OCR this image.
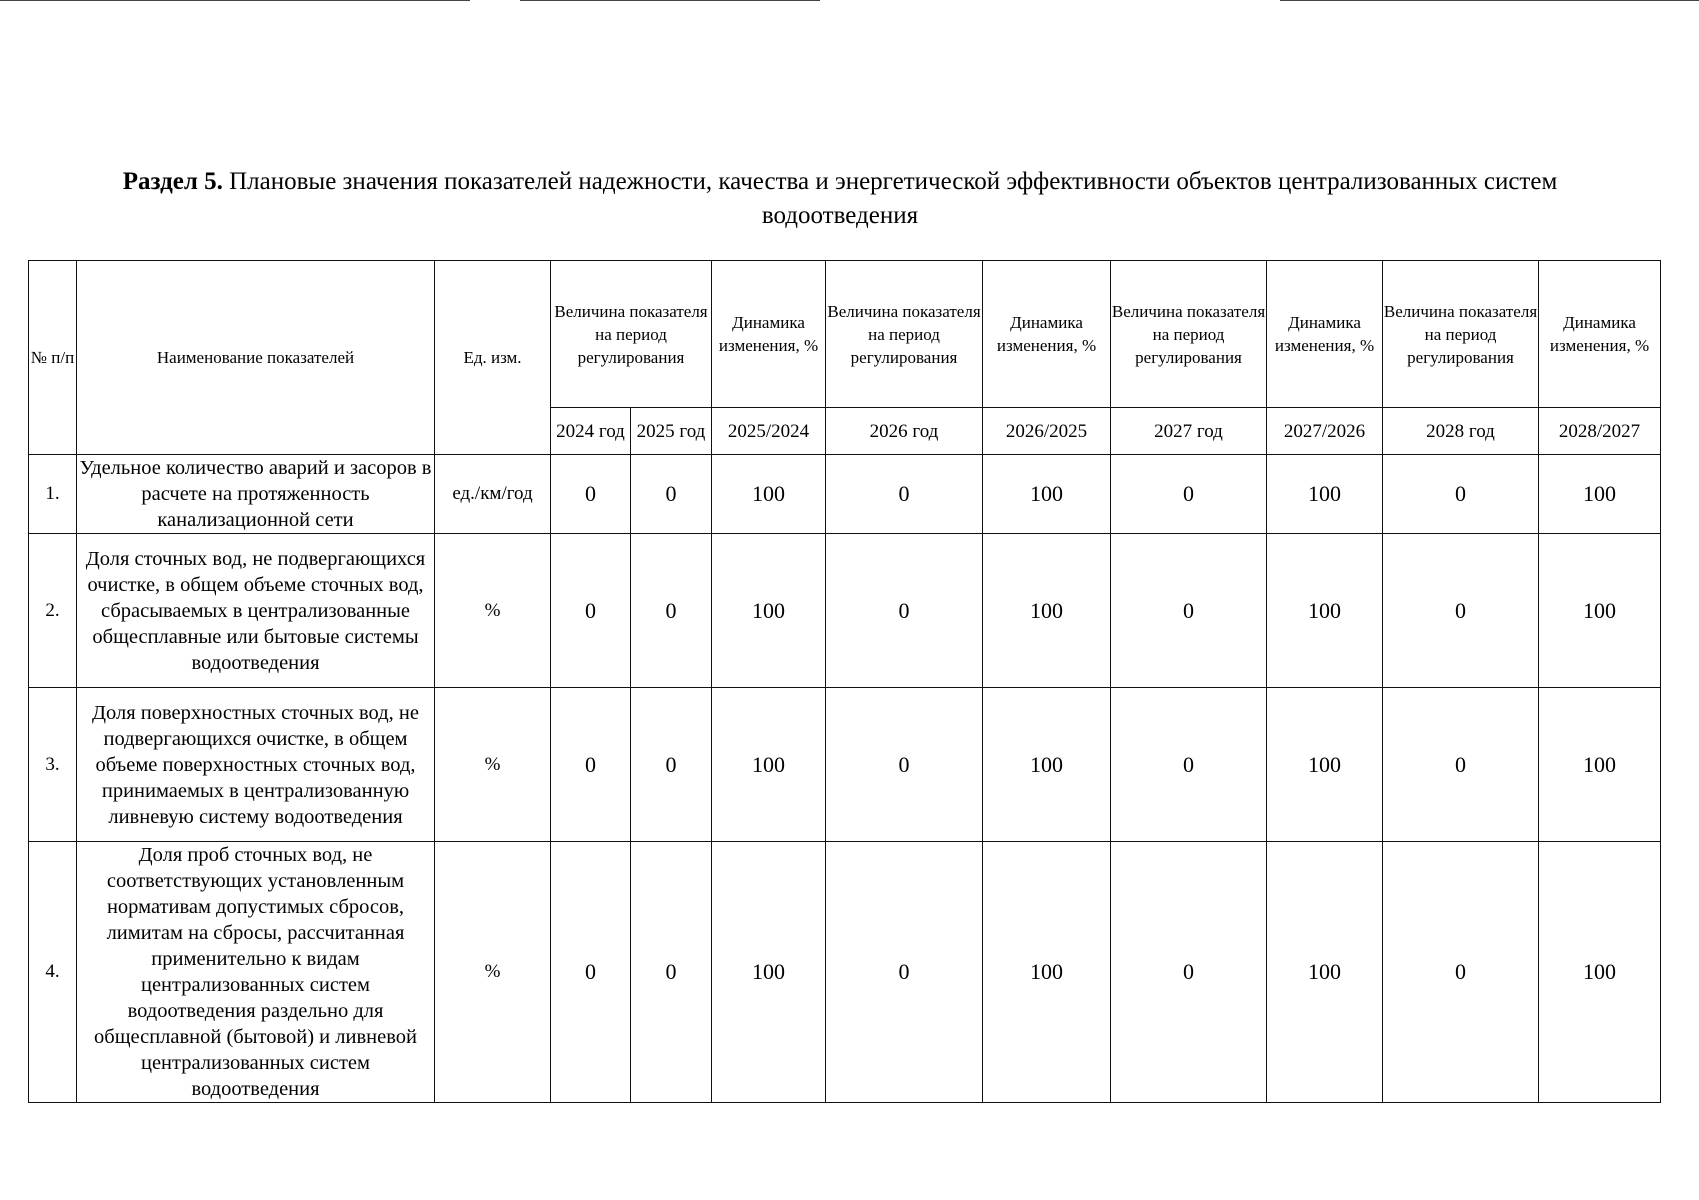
Раздел 5. Плановые значения показателей надежности, качества и энергетической эффективности объектов централизованных систем водоотведения
№ п/п	Наименование показателей	Ед. изм.	Величина показателя на период регулирования		Динамика изменения, %	Величина показателя на период регулирования	Динамика изменения, %	Величина показателя на период регулирования	Динамика изменения, %	Величина показателя на период регулирования	Динамика изменения, %
			2024 год	2025 год	2025/2024	2026 год	2026/2025	2027 год	2027/2026	2028 год	2028/2027
1.	Удельное количество аварий и засоров в расчете на протяженность канализационной сети	ед./км/год	0	0	100	0	100	0	100	0	100
2.	Доля сточных вод, не подвергающихся очистке, в общем объеме сточных вод, сбрасываемых в централизованные общесплавные или бытовые системы водоотведения	%	0	0	100	0	100	0	100	0	100
3.	Доля поверхностных сточных вод, не подвергающихся очистке, в общем объеме поверхностных сточных вод, принимаемых в централизованную ливневую систему водоотведения	%	0	0	100	0	100	0	100	0	100
4.	Доля проб сточных вод, не соответствующих установленным нормативам допустимых сбросов, лимитам на сбросы, рассчитанная применительно к видам централизованных систем водоотведения раздельно для общесплавной (бытовой) и ливневой централизованных систем водоотведения	%	0	0	100	0	100	0	100	0	100
